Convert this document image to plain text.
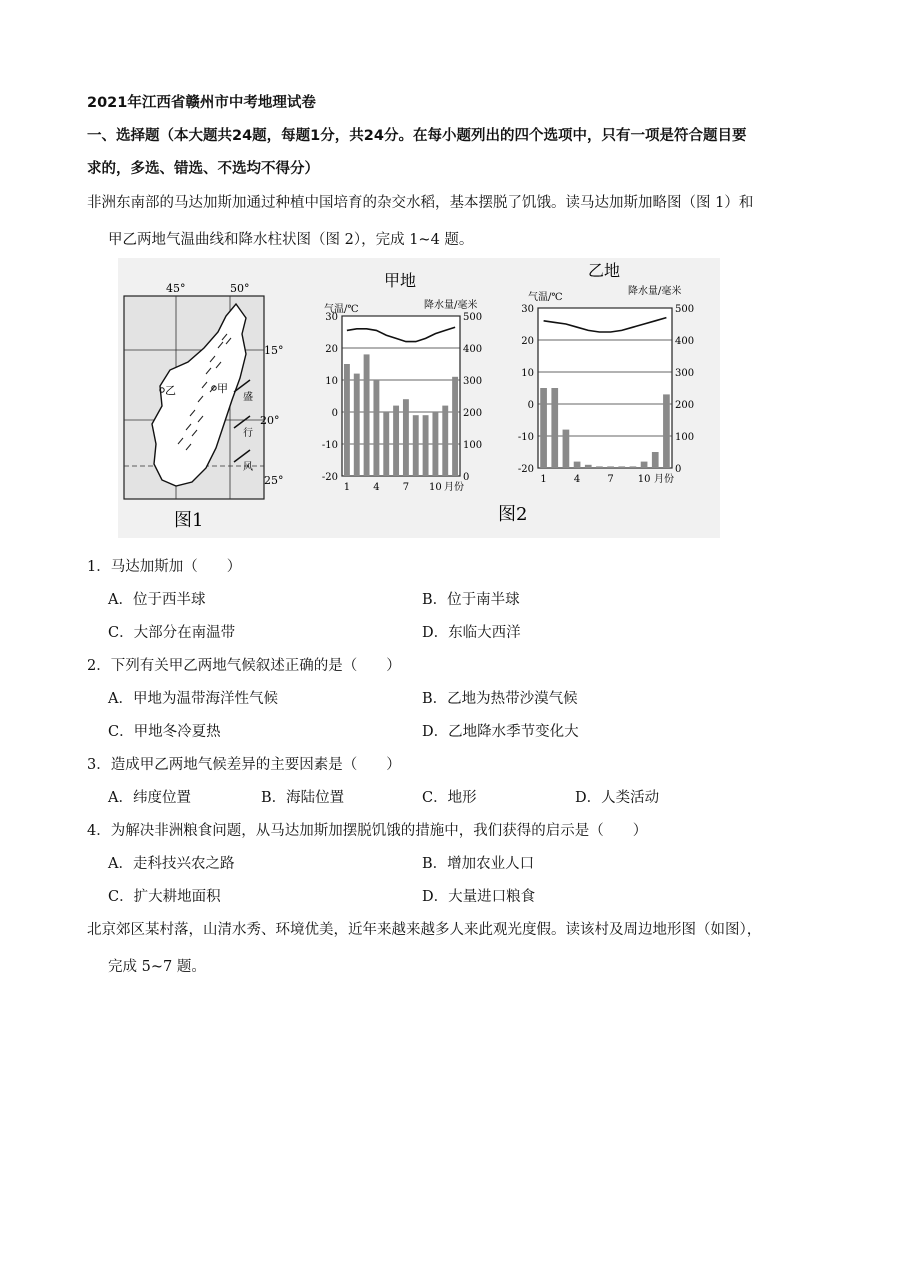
2021年江西省赣州市中考地理试卷
一、选择题（本大题共24题，每题1分，共24分。在每小题列出的四个选项中，只有一项是符合题目要
求的，多选、错选、不选均不得分）
非洲东南部的马达加斯加通过种植中国培育的杂交水稻，基本摆脱了饥饿。读马达加斯加略图（图 1）和
甲乙两地气温曲线和降水柱状图（图 2），完成 1~4 题。
30
20
10
0
-10
-20
500
400
300
200
100
0
1 4 7 10
30
20
10
0
-10
-20
500
400
300
200
100
0
1	4	7 10
45°	50°
15°
20°
25°
乙	甲
盛
行
风
图1
甲地
气温/℃	降水量/毫米
月份
乙地
气温/℃
降水量/毫米
月份
图2
1．马达加斯加（　　）
A．位于西半球	B．位于南半球
C．大部分在南温带	D．东临大西洋
2．下列有关甲乙两地气候叙述正确的是（　　）
A．甲地为温带海洋性气候	B．乙地为热带沙漠气候
C．甲地冬冷夏热	D．乙地降水季节变化大
3．造成甲乙两地气候差异的主要因素是（　　）
A．纬度位置	B．海陆位置	C．地形	D．人类活动
4．为解决非洲粮食问题，从马达加斯加摆脱饥饿的措施中，我们获得的启示是（　　）
A．走科技兴农之路	B．增加农业人口
C．扩大耕地面积	D．大量进口粮食
北京郊区某村落，山清水秀、环境优美，近年来越来越多人来此观光度假。读该村及周边地形图（如图），
完成 5~7 题。
